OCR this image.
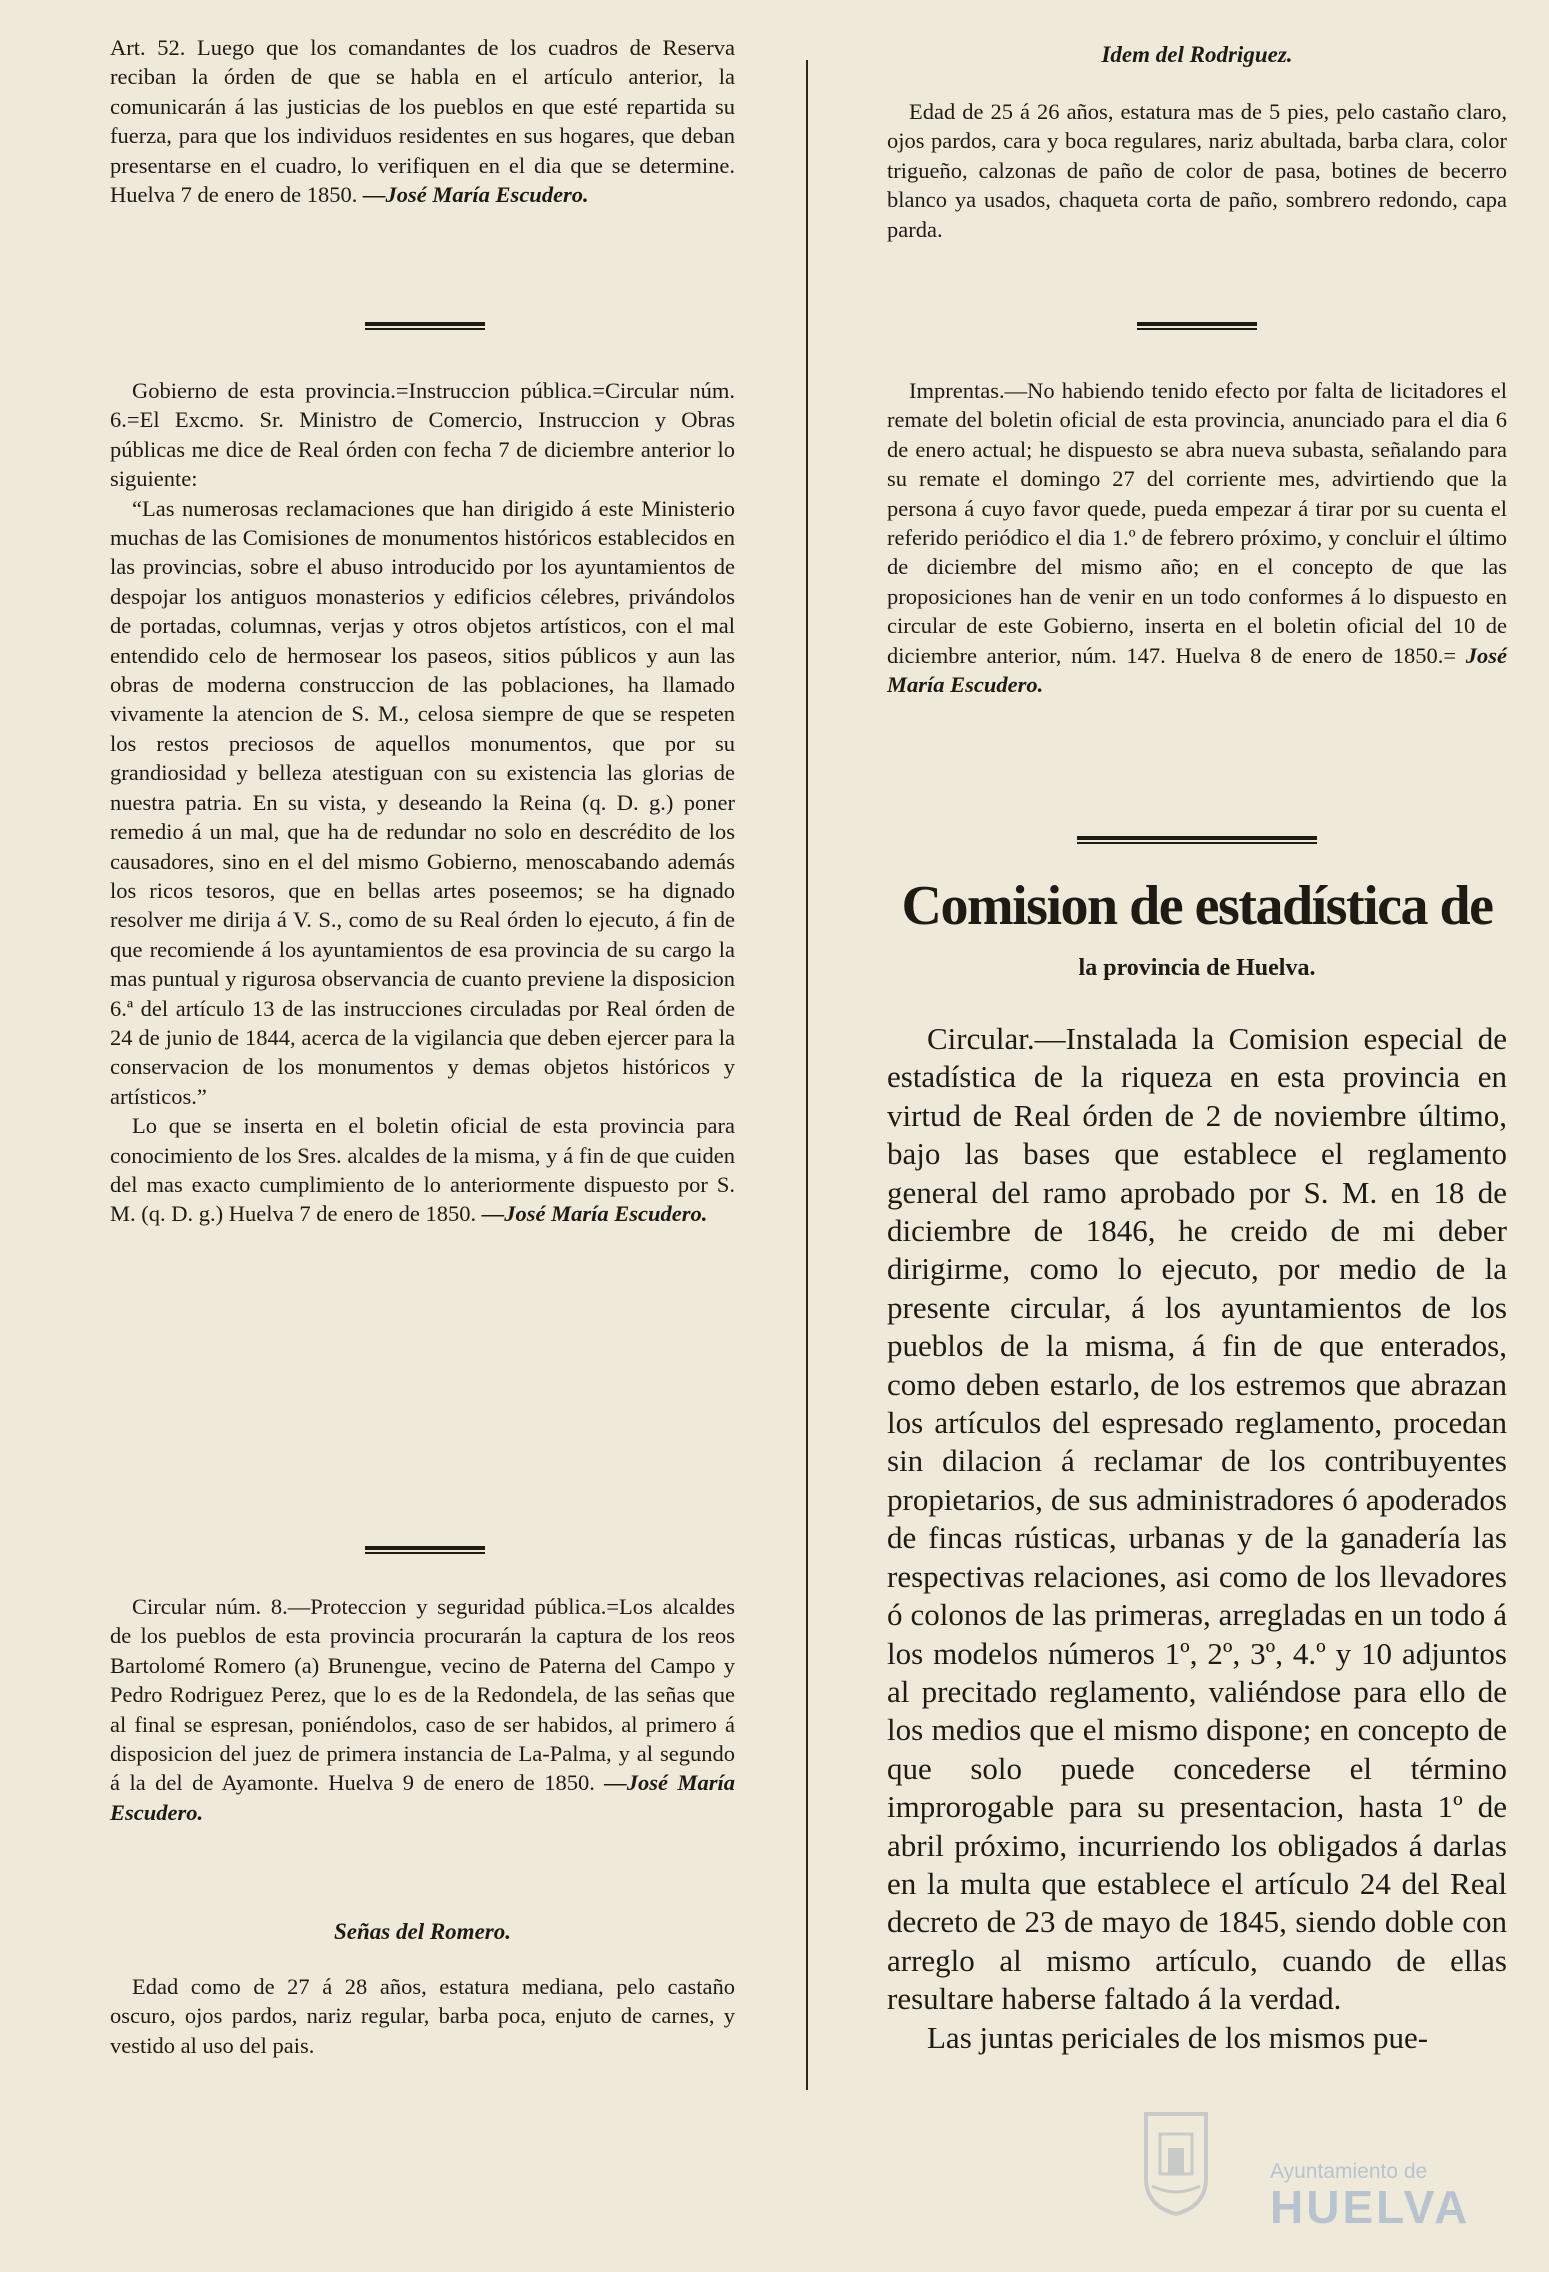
Art. 52. Luego que los comandantes de los cuadros de Reserva reciban la órden de que se habla en el artículo anterior, la comunicarán á las justicias de los pueblos en que esté repartida su fuerza, para que los individuos residentes en sus hogares, que deban presentarse en el cuadro, lo verifiquen en el dia que se determine. Huelva 7 de enero de 1850. —José María Escudero.

Gobierno de esta provincia.=Instruccion pública.=Circular núm. 6.=El Excmo. Sr. Ministro de Comercio, Instruccion y Obras públicas me dice de Real órden con fecha 7 de diciembre anterior lo siguiente:
“Las numerosas reclamaciones que han dirigido á este Ministerio muchas de las Comisiones de monumentos históricos establecidos en las provincias, sobre el abuso introducido por los ayuntamientos de despojar los antiguos monasterios y edificios célebres, privándolos de portadas, columnas, verjas y otros objetos artísticos, con el mal entendido celo de hermosear los paseos, sitios públicos y aun las obras de moderna construccion de las poblaciones, ha llamado vivamente la atencion de S. M., celosa siempre de que se respeten los restos preciosos de aquellos monumentos, que por su grandiosidad y belleza atestiguan con su existencia las glorias de nuestra patria. En su vista, y deseando la Reina (q. D. g.) poner remedio á un mal, que ha de redundar no solo en descrédito de los causadores, sino en el del mismo Gobierno, menoscabando además los ricos tesoros, que en bellas artes poseemos; se ha dignado resolver me dirija á V. S., como de su Real órden lo ejecuto, á fin de que recomiende á los ayuntamientos de esa provincia de su cargo la mas puntual y rigurosa observancia de cuanto previene la disposicion 6.ª del artículo 13 de las instrucciones circuladas por Real órden de 24 de junio de 1844, acerca de la vigilancia que deben ejercer para la conservacion de los monumentos y demas objetos históricos y artísticos.”
Lo que se inserta en el boletin oficial de esta provincia para conocimiento de los Sres. alcaldes de la misma, y á fin de que cuiden del mas exacto cumplimiento de lo anteriormente dispuesto por S. M. (q. D. g.) Huelva 7 de enero de 1850. —José María Escudero.

Circular núm. 8.—Proteccion y seguridad pública.=Los alcaldes de los pueblos de esta provincia procurarán la captura de los reos Bartolomé Romero (a) Brunengue, vecino de Paterna del Campo y Pedro Rodriguez Perez, que lo es de la Redondela, de las señas que al final se espresan, poniéndolos, caso de ser habidos, al primero á disposicion del juez de primera instancia de La-Palma, y al segundo á la del de Ayamonte. Huelva 9 de enero de 1850. —José María Escudero.

Señas del Romero.

Edad como de 27 á 28 años, estatura mediana, pelo castaño oscuro, ojos pardos, nariz regular, barba poca, enjuto de carnes, y vestido al uso del pais.

Idem del Rodriguez.

Edad de 25 á 26 años, estatura mas de 5 pies, pelo castaño claro, ojos pardos, cara y boca regulares, nariz abultada, barba clara, color trigueño, calzonas de paño de color de pasa, botines de becerro blanco ya usados, chaqueta corta de paño, sombrero redondo, capa parda.

Imprentas.—No habiendo tenido efecto por falta de licitadores el remate del boletin oficial de esta provincia, anunciado para el dia 6 de enero actual; he dispuesto se abra nueva subasta, señalando para su remate el domingo 27 del corriente mes, advirtiendo que la persona á cuyo favor quede, pueda empezar á tirar por su cuenta el referido periódico el dia 1.º de febrero próximo, y concluir el último de diciembre del mismo año; en el concepto de que las proposiciones han de venir en un todo conformes á lo dispuesto en circular de este Gobierno, inserta en el boletin oficial del 10 de diciembre anterior, núm. 147. Huelva 8 de enero de 1850.= José María Escudero.

Comision de estadística de
la provincia de Huelva.

Circular.—Instalada la Comision especial de estadística de la riqueza en esta provincia en virtud de Real órden de 2 de noviembre último, bajo las bases que establece el reglamento general del ramo aprobado por S. M. en 18 de diciembre de 1846, he creido de mi deber dirigirme, como lo ejecuto, por medio de la presente circular, á los ayuntamientos de los pueblos de la misma, á fin de que enterados, como deben estarlo, de los estremos que abrazan los artículos del espresado reglamento, procedan sin dilacion á reclamar de los contribuyentes propietarios, de sus administradores ó apoderados de fincas rústicas, urbanas y de la ganadería las respectivas relaciones, asi como de los llevadores ó colonos de las primeras, arregladas en un todo á los modelos números 1º, 2º, 3º, 4.º y 10 adjuntos al precitado reglamento, valiéndose para ello de los medios que el mismo dispone; en concepto de que solo puede concederse el término improrogable para su presentacion, hasta 1º de abril próximo, incurriendo los obligados á darlas en la multa que establece el artículo 24 del Real decreto de 23 de mayo de 1845, siendo doble con arreglo al mismo artículo, cuando de ellas resultare haberse faltado á la verdad.
Las juntas periciales de los mismos pue-

Ayuntamiento de
HUELVA
